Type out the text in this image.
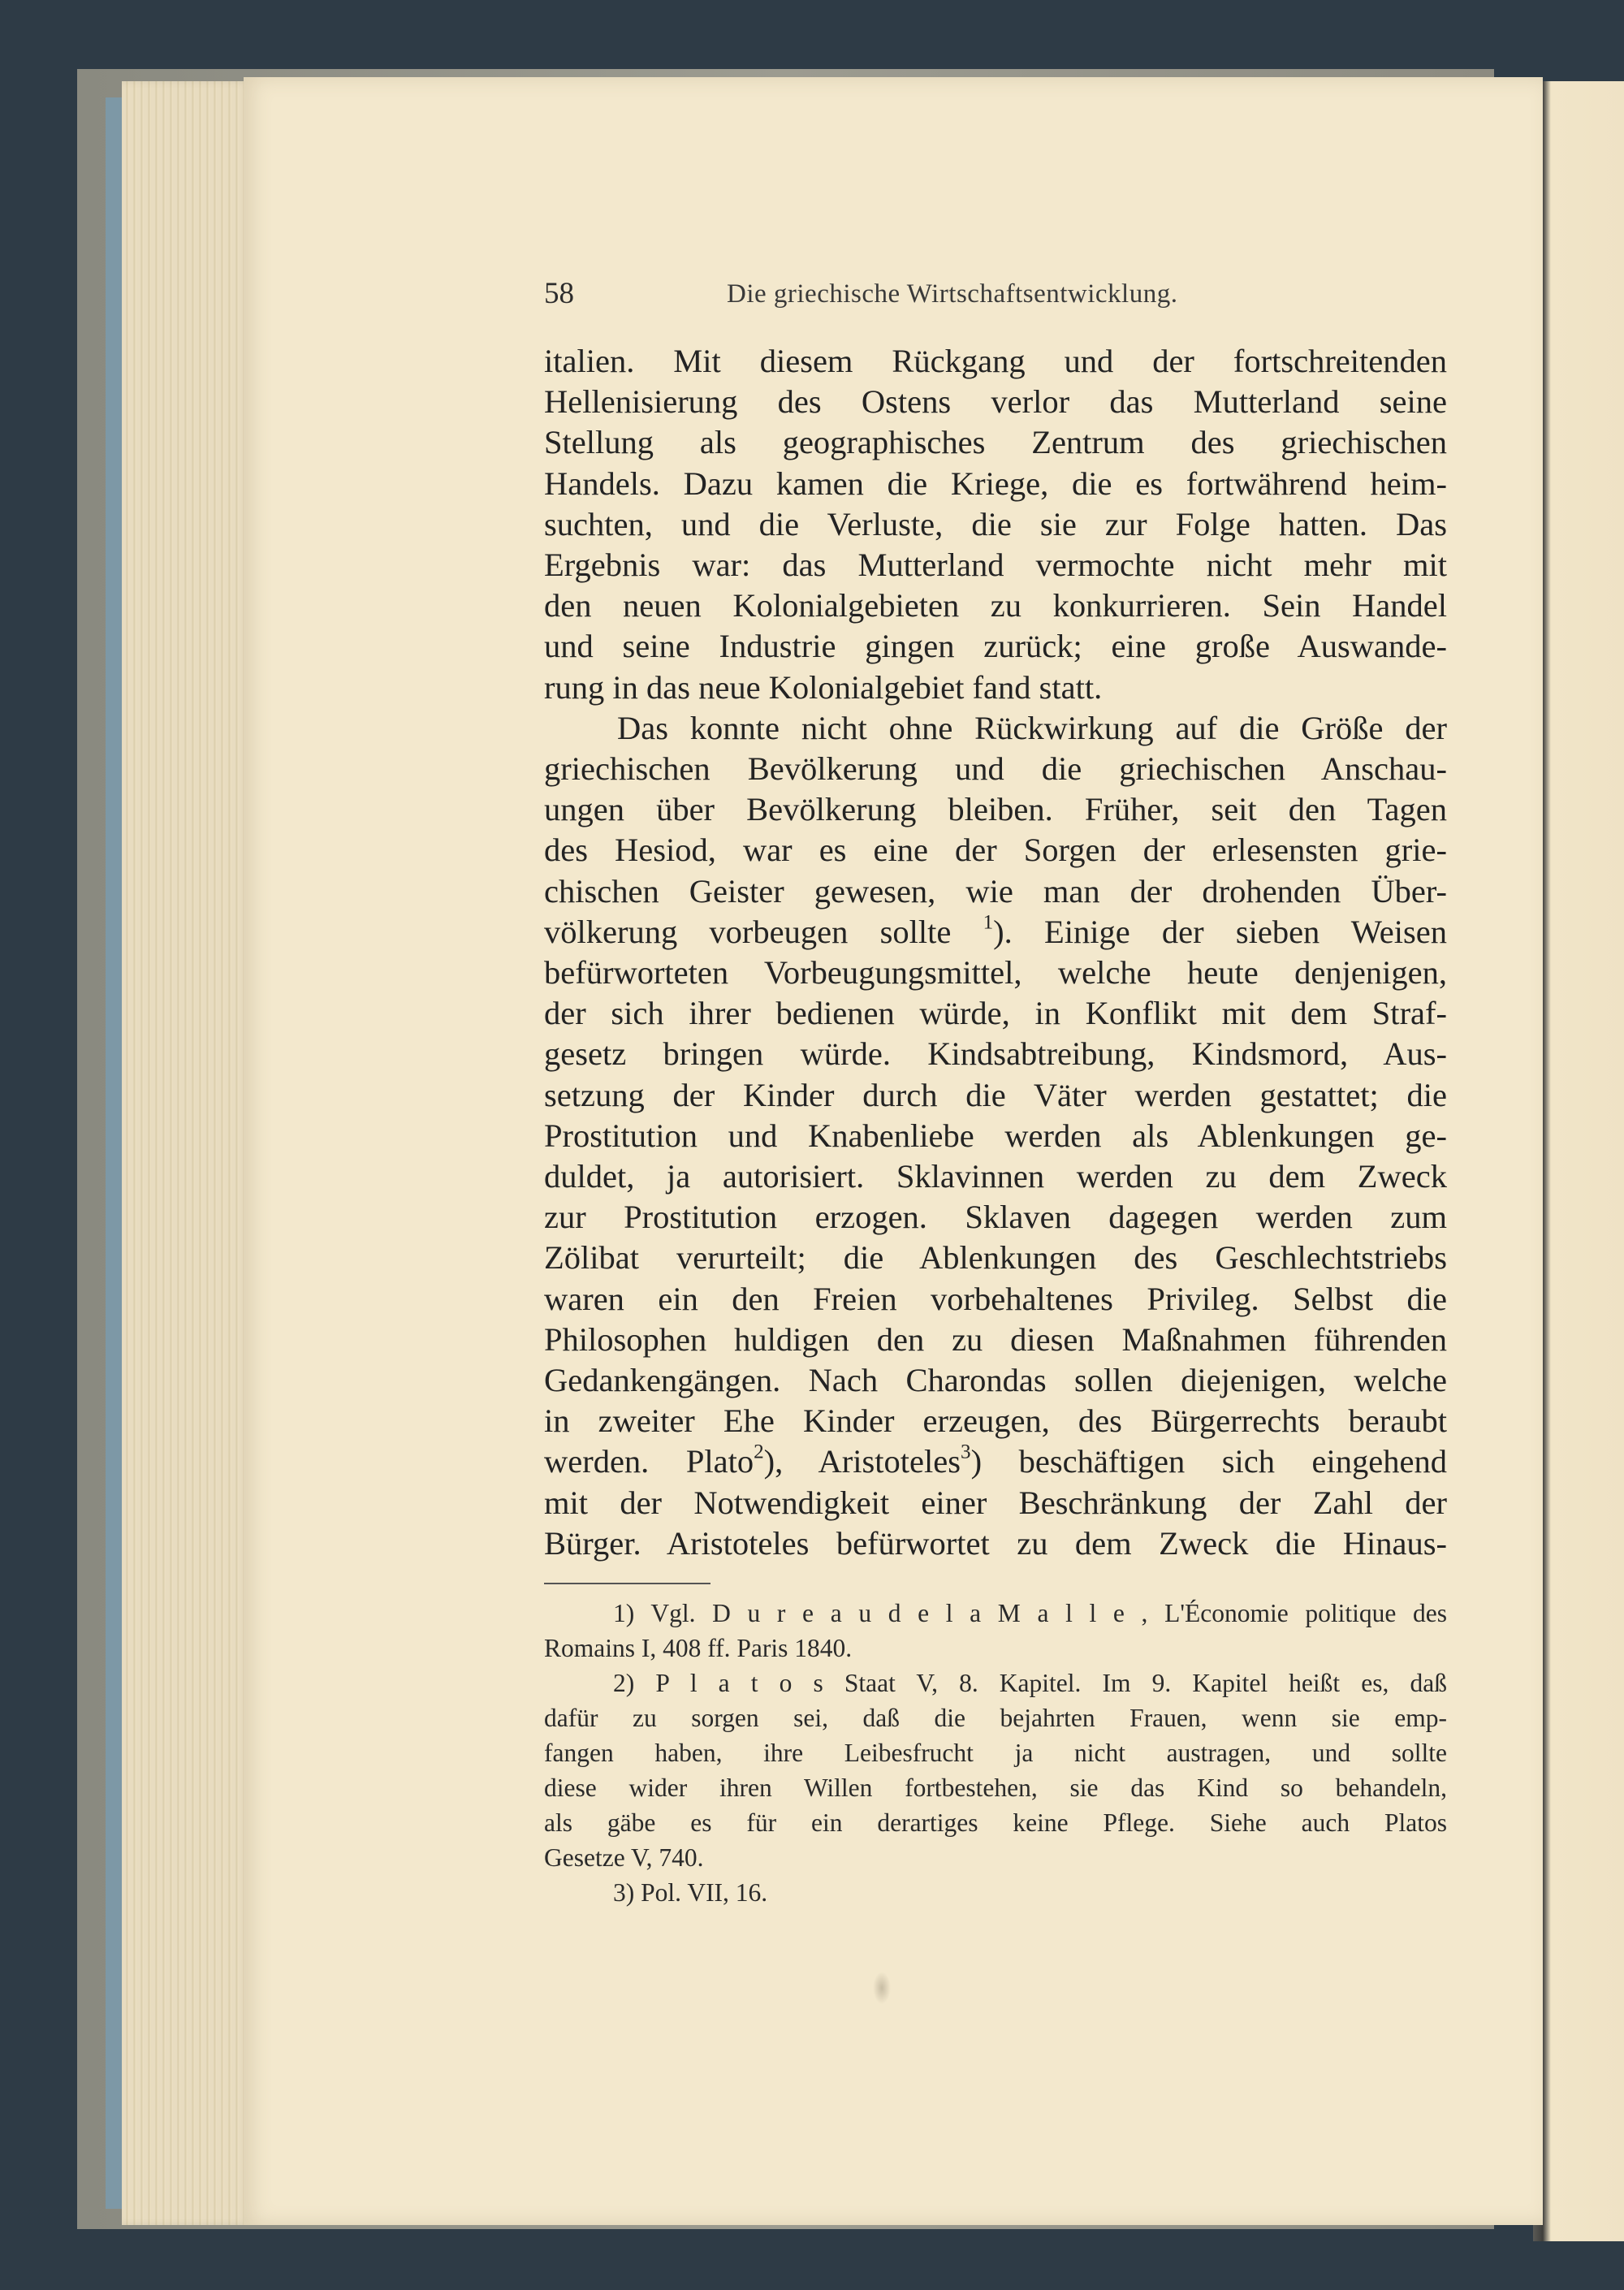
58	Die griechische Wirtschaftsentwicklung.
italien. Mit diesem Rückgang und der fortschreitenden
Hellenisierung des Ostens verlor das Mutterland seine
Stellung als geographisches Zentrum des griechischen
Handels. Dazu kamen die Kriege, die es fortwährend heim-
suchten, und die Verluste, die sie zur Folge hatten. Das
Ergebnis war: das Mutterland vermochte nicht mehr mit
den neuen Kolonialgebieten zu konkurrieren. Sein Handel
und seine Industrie gingen zurück; eine große Auswande-
rung in das neue Kolonialgebiet fand statt.
Das konnte nicht ohne Rückwirkung auf die Größe der
griechischen Bevölkerung und die griechischen Anschau-
ungen über Bevölkerung bleiben. Früher, seit den Tagen
des Hesiod, war es eine der Sorgen der erlesensten grie-
chischen Geister gewesen, wie man der drohenden Über-
völkerung vorbeugen sollte $^1$). Einige der sieben Weisen
befürworteten Vorbeugungsmittel, welche heute denjenigen,
der sich ihrer bedienen würde, in Konflikt mit dem Straf-
gesetz bringen würde. Kindsabtreibung, Kindsmord, Aus-
setzung der Kinder durch die Väter werden gestattet; die
Prostitution und Knabenliebe werden als Ablenkungen ge-
duldet, ja autorisiert. Sklavinnen werden zu dem Zweck
zur Prostitution erzogen. Sklaven dagegen werden zum
Zölibat verurteilt; die Ablenkungen des Geschlechtstriebs
waren ein den Freien vorbehaltenes Privileg. Selbst die
Philosophen huldigen den zu diesen Maßnahmen führenden
Gedankengängen. Nach Charondas sollen diejenigen, welche
in zweiter Ehe Kinder erzeugen, des Bürgerrechts beraubt
werden. Plato$^2$), Aristoteles$^3$) beschäftigen sich eingehend
mit der Notwendigkeit einer Beschränkung der Zahl der
Bürger. Aristoteles befürwortet zu dem Zweck die Hinaus-
1) Vgl. D u r e a u d e l a M a l l e , L'Économie politique des
Romains I, 408 ff. Paris 1840.
2) P l a t o s Staat V, 8. Kapitel. Im 9. Kapitel heißt es, daß
dafür zu sorgen sei, daß die bejahrten Frauen, wenn sie emp-
fangen haben, ihre Leibesfrucht ja nicht austragen, und sollte
diese wider ihren Willen fortbestehen, sie das Kind so behandeln,
als gäbe es für ein derartiges keine Pflege. Siehe auch Platos
Gesetze V, 740.
3) Pol. VII, 16.
